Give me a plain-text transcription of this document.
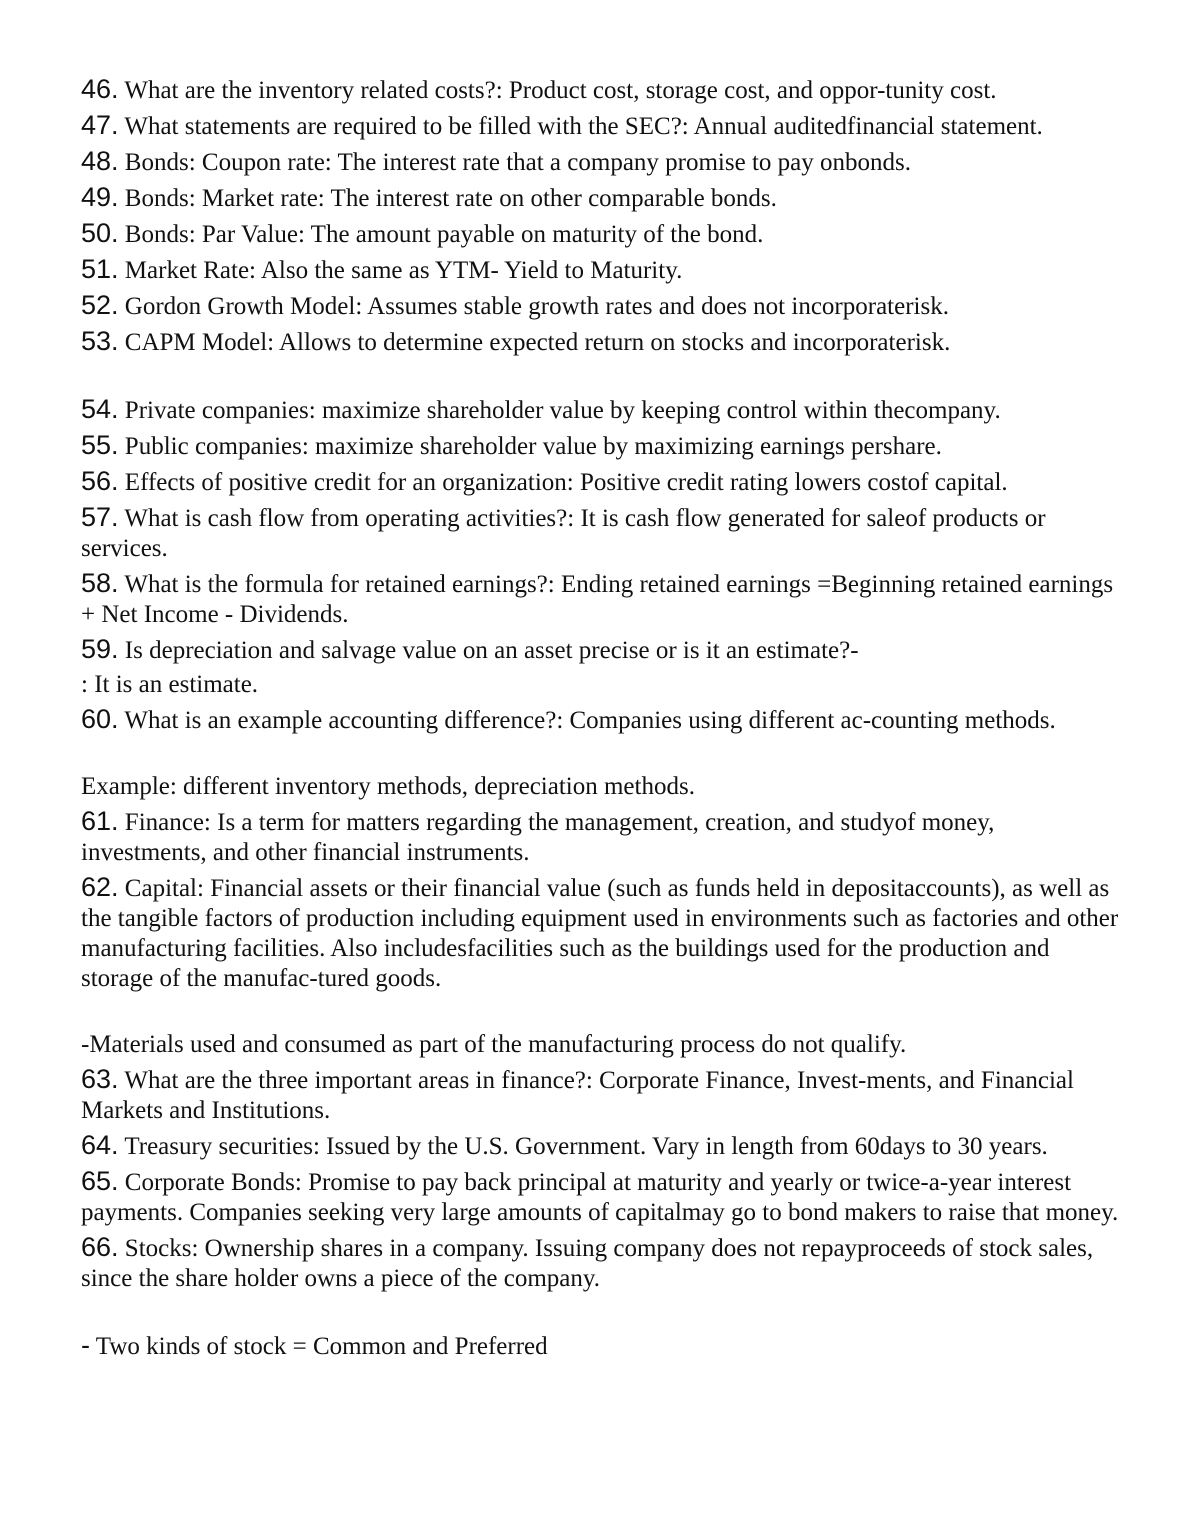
46. What are the inventory related costs?: Product cost, storage cost, and oppor-tunity cost.
47. What statements are required to be filled with the SEC?: Annual auditedfinancial statement.
48. Bonds: Coupon rate: The interest rate that a company promise to pay onbonds.
49. Bonds: Market rate: The interest rate on other comparable bonds.
50. Bonds: Par Value: The amount payable on maturity of the bond.
51. Market Rate: Also the same as YTM- Yield to Maturity.
52. Gordon Growth Model: Assumes stable growth rates and does not incorporaterisk.
53. CAPM Model: Allows to determine expected return on stocks and incorporaterisk.
54. Private companies: maximize shareholder value by keeping control within thecompany.
55. Public companies: maximize shareholder value by maximizing earnings pershare.
56. Effects of positive credit for an organization: Positive credit rating lowers costof capital.
57. What is cash flow from operating activities?: It is cash flow generated for saleof products or services.
58. What is the formula for retained earnings?: Ending retained earnings =Beginning retained earnings + Net Income - Dividends.
59. Is depreciation and salvage value on an asset precise or is it an estimate?-
: It is an estimate.
60. What is an example accounting difference?: Companies using different ac-counting methods.
Example: different inventory methods, depreciation methods.
61. Finance: Is a term for matters regarding the management, creation, and studyof money, investments, and other financial instruments.
62. Capital: Financial assets or their financial value (such as funds held in depositaccounts), as well as the tangible factors of production including equipment used in environments such as factories and other manufacturing facilities. Also includesfacilities such as the buildings used for the production and storage of the manufac-tured goods.
-Materials used and consumed as part of the manufacturing process do not qualify.
63. What are the three important areas in finance?: Corporate Finance, Invest-ments, and Financial Markets and Institutions.
64. Treasury securities: Issued by the U.S. Government. Vary in length from 60days to 30 years.
65. Corporate Bonds: Promise to pay back principal at maturity and yearly or twice-a-year interest payments. Companies seeking very large amounts of capitalmay go to bond makers to raise that money.
66. Stocks: Ownership shares in a company. Issuing company does not repayproceeds of stock sales, since the share holder owns a piece of the company.
- Two kinds of stock = Common and Preferred
